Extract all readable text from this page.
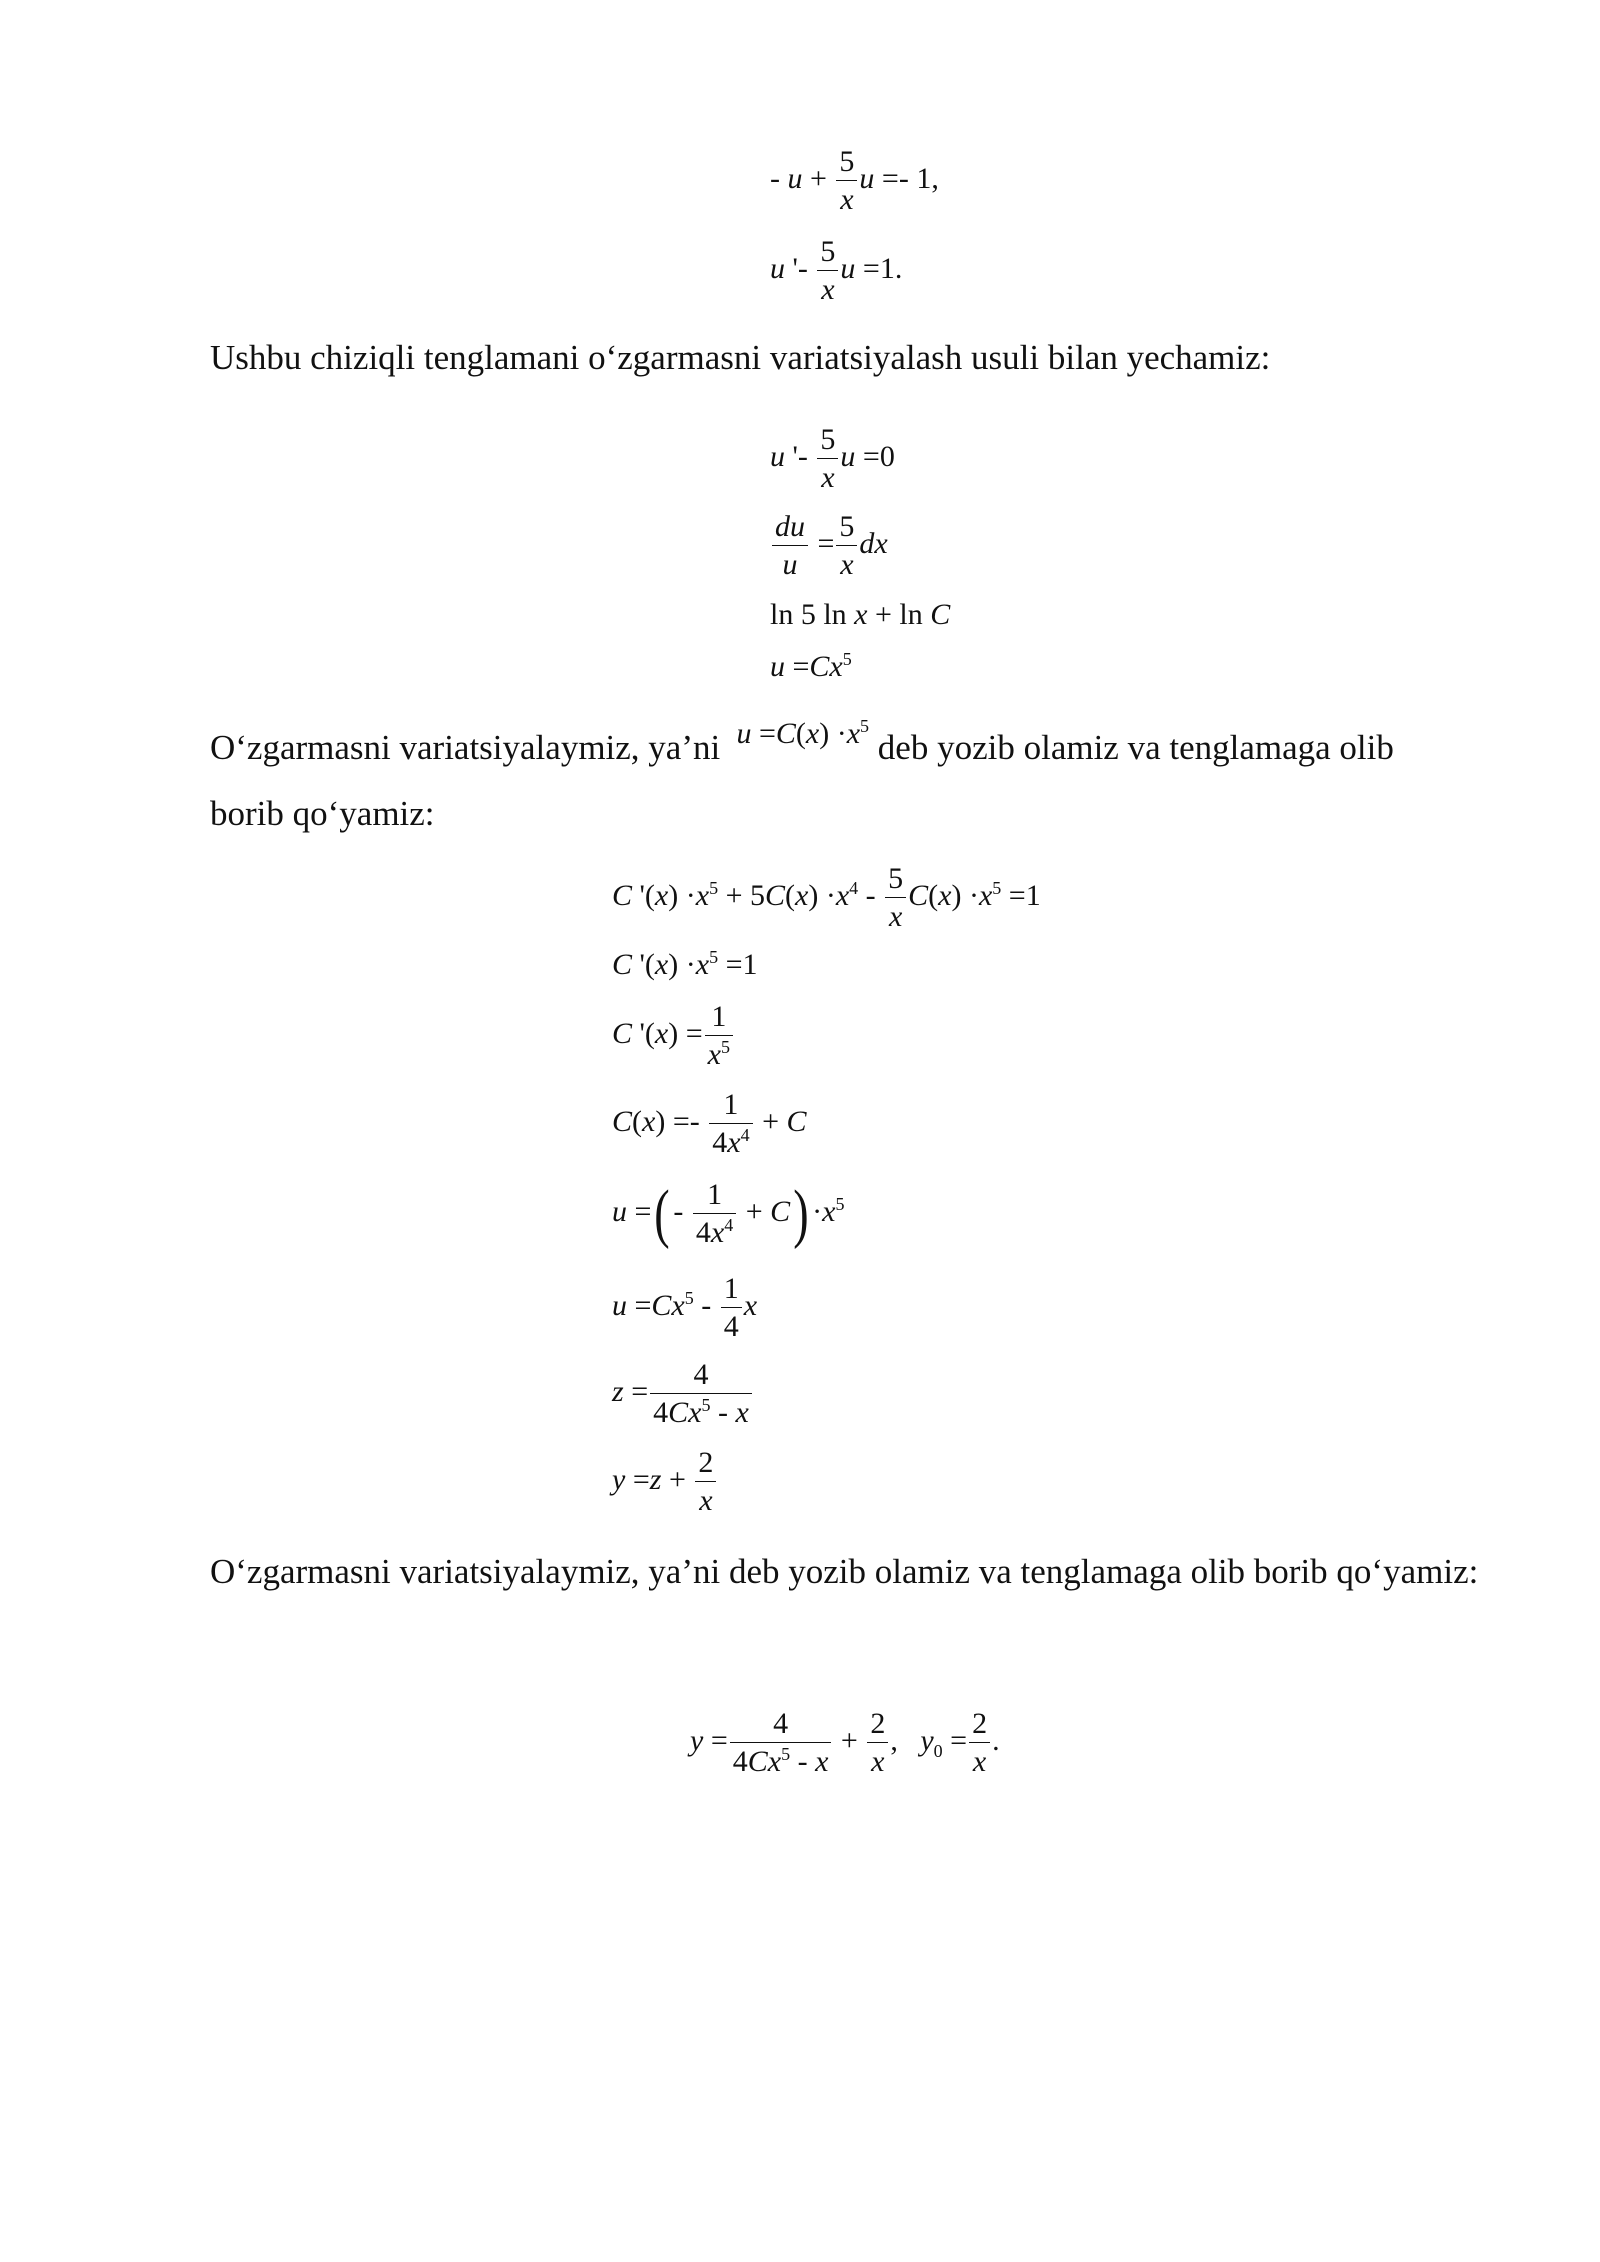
- $u + \frac{5}{x}$ u =- 1,
u '- $\frac{5}{x}$ u =1.

Ushbu chiziqli tenglamani o‘zgarmasni variatsiyalash usuli bilan yechamiz:

u '- $\frac{5}{x}$ u =0
$\frac{du}{u} = \frac{5}{x}$ dx
ln 5 ln x + ln C
$u =Cx^5$
O‘zgarmasni variatsiyalaymiz, ya’ni $u =C(x) \cdot x^5$ deb yozib olamiz va tenglamaga olib
borib qo‘yamiz:
C '$(x) \cdot x^5 + 5C(x) \cdot x^4 - \frac{5}{x} C(x) \cdot x^5 =1$
C '$(x) \cdot x^5 =1$
C '$(x) = \frac{1}{x^5}$
$C(x) =- \frac{1}{4x^4} + C$
u =( - $\frac{1}{4x^4} + C) \cdot x^5$
$u =Cx^5 - \frac{1}{4}$ x
$z = \frac{4}{4Cx^5 - x}$
$y =z + \frac{2}{x}$

O‘zgarmasni variatsiyalaymiz, ya’ni deb yozib olamiz va tenglamaga olib borib qo‘yamiz:

$y = \frac{4}{4Cx^5 - x} + \frac{2}{x}$ ,   $y_0 = \frac{2}{x}$ .
